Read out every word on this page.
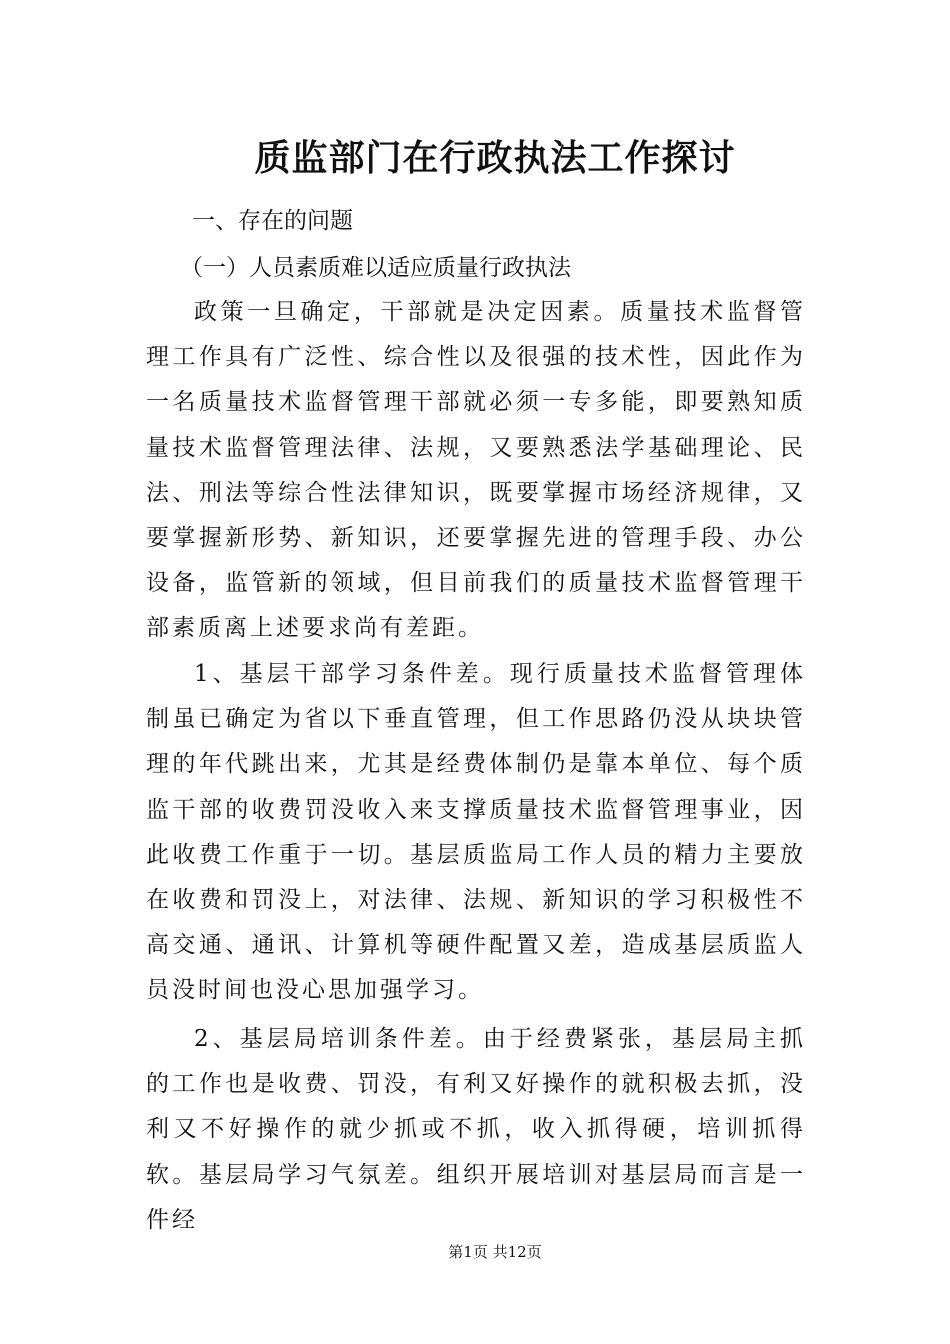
质监部门在行政执法工作探讨
一、存在的问题
（一）人员素质难以适应质量行政执法

政策一旦确定，干部就是决定因素。质量技术监督管理工作具有广泛性、综合性以及很强的技术性，因此作为一名质量技术监督管理干部就必须一专多能，即要熟知质量技术监督管理法律、法规，又要熟悉法学基础理论、民法、刑法等综合性法律知识，既要掌握市场经济规律，又要掌握新形势、新知识，还要掌握先进的管理手段、办公设备，监管新的领域，但目前我们的质量技术监督管理干部素质离上述要求尚有差距。

1、基层干部学习条件差。现行质量技术监督管理体制虽已确定为省以下垂直管理，但工作思路仍没从块块管理的年代跳出来，尤其是经费体制仍是靠本单位、每个质监干部的收费罚没收入来支撑质量技术监督管理事业，因此收费工作重于一切。基层质监局工作人员的精力主要放在收费和罚没上，对法律、法规、新知识的学习积极性不高交通、通讯、计算机等硬件配置又差，造成基层质监人员没时间也没心思加强学习。

2、基层局培训条件差。由于经费紧张，基层局主抓的工作也是收费、罚没，有利又好操作的就积极去抓，没利又不好操作的就少抓或不抓，收入抓得硬，培训抓得软。基层局学习气氛差。组织开展培训对基层局而言是一件经

第1页 共12页
